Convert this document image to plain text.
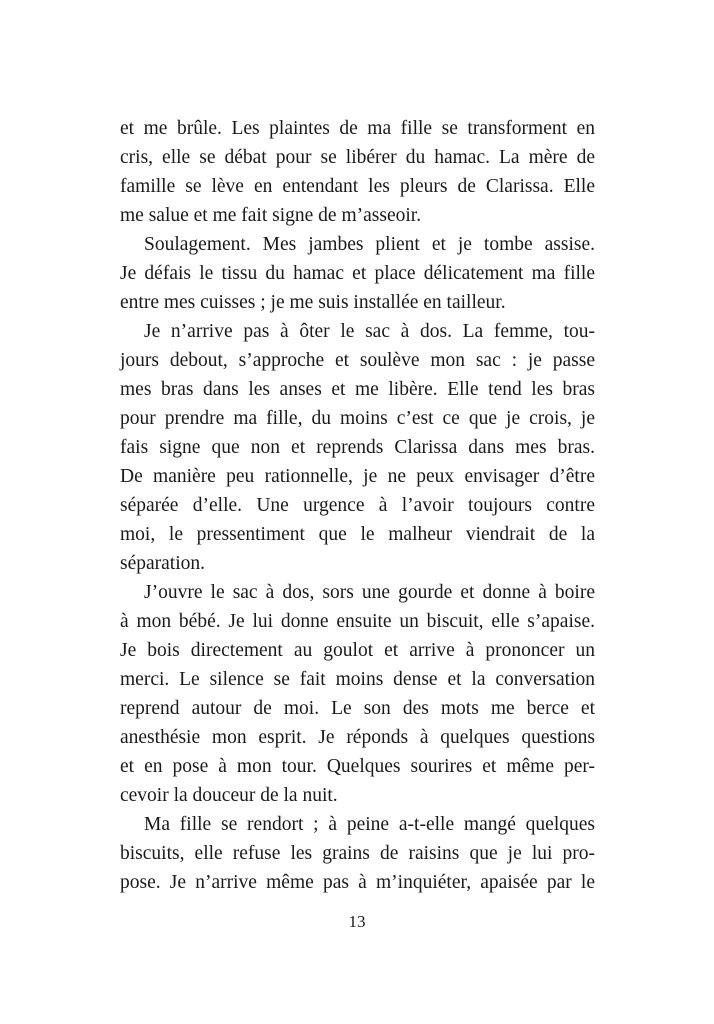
et me brûle. Les plaintes de ma fille se transforment en
cris, elle se débat pour se libérer du hamac. La mère de
famille se lève en entendant les pleurs de Clarissa. Elle
me salue et me fait signe de m’asseoir.
Soulagement. Mes jambes plient et je tombe assise.
Je défais le tissu du hamac et place délicatement ma fille
entre mes cuisses ; je me suis installée en tailleur.
Je n’arrive pas à ôter le sac à dos. La femme, tou-
jours debout, s’approche et soulève mon sac : je passe
mes bras dans les anses et me libère. Elle tend les bras
pour prendre ma fille, du moins c’est ce que je crois, je
fais signe que non et reprends Clarissa dans mes bras.
De manière peu rationnelle, je ne peux envisager d’être
séparée d’elle. Une urgence à l’avoir toujours contre
moi, le pressentiment que le malheur viendrait de la
séparation.
J’ouvre le sac à dos, sors une gourde et donne à boire
à mon bébé. Je lui donne ensuite un biscuit, elle s’apaise.
Je bois directement au goulot et arrive à prononcer un
merci. Le silence se fait moins dense et la conversation
reprend autour de moi. Le son des mots me berce et
anesthésie mon esprit. Je réponds à quelques questions
et en pose à mon tour. Quelques sourires et même per-
cevoir la douceur de la nuit.
Ma fille se rendort ; à peine a-t-elle mangé quelques
biscuits, elle refuse les grains de raisins que je lui pro-
pose. Je n’arrive même pas à m’inquiéter, apaisée par le
13
